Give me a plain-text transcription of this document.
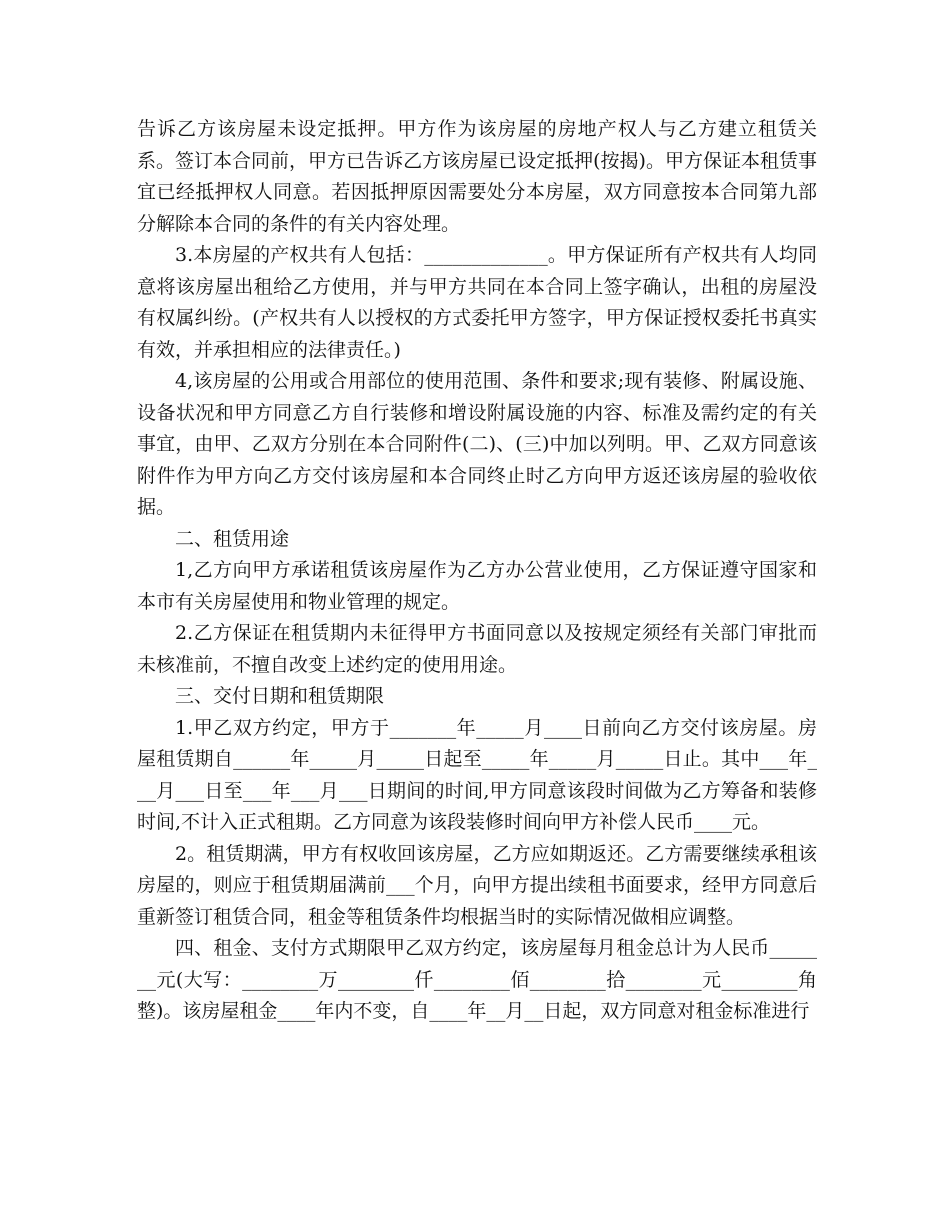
告诉乙方该房屋未设定抵押。甲方作为该房屋的房地产权人与乙方建立租赁关系。签订本合同前，甲方已告诉乙方该房屋已设定抵押(按揭)。甲方保证本租赁事宜已经抵押权人同意。若因抵押原因需要处分本房屋，双方同意按本合同第九部分解除本合同的条件的有关内容处理。

3.本房屋的产权共有人包括：_____________。甲方保证所有产权共有人均同意将该房屋出租给乙方使用，并与甲方共同在本合同上签字确认，出租的房屋没有权属纠纷。(产权共有人以授权的方式委托甲方签字，甲方保证授权委托书真实有效，并承担相应的法律责任。)

4,该房屋的公用或合用部位的使用范围、条件和要求;现有装修、附属设施、设备状况和甲方同意乙方自行装修和增设附属设施的内容、标准及需约定的有关事宜，由甲、乙双方分别在本合同附件(二)、(三)中加以列明。甲、乙双方同意该附件作为甲方向乙方交付该房屋和本合同终止时乙方向甲方返还该房屋的验收依据。

二、租赁用途

1,乙方向甲方承诺租赁该房屋作为乙方办公营业使用，乙方保证遵守国家和本市有关房屋使用和物业管理的规定。

2.乙方保证在租赁期内未征得甲方书面同意以及按规定须经有关部门审批而未核准前，不擅自改变上述约定的使用用途。

三、交付日期和租赁期限

1.甲乙双方约定，甲方于_______年_____月____日前向乙方交付该房屋。房屋租赁期自______年_____月_____日起至_____年_____月_____日止。其中___年___月___日至___年___月___日期间的时间,甲方同意该段时间做为乙方筹备和装修时间,不计入正式租期。乙方同意为该段装修时间向甲方补偿人民币____元。

2。租赁期满，甲方有权收回该房屋，乙方应如期返还。乙方需要继续承租该房屋的，则应于租赁期届满前___个月，向甲方提出续租书面要求，经甲方同意后重新签订租赁合同，租金等租赁条件均根据当时的实际情况做相应调整。

四、租金、支付方式期限甲乙双方约定，该房屋每月租金总计为人民币_______元(大写：________万________仟________佰________拾________元________角整)。该房屋租金____年内不变，自____年__月__日起，双方同意对租金标准进行
